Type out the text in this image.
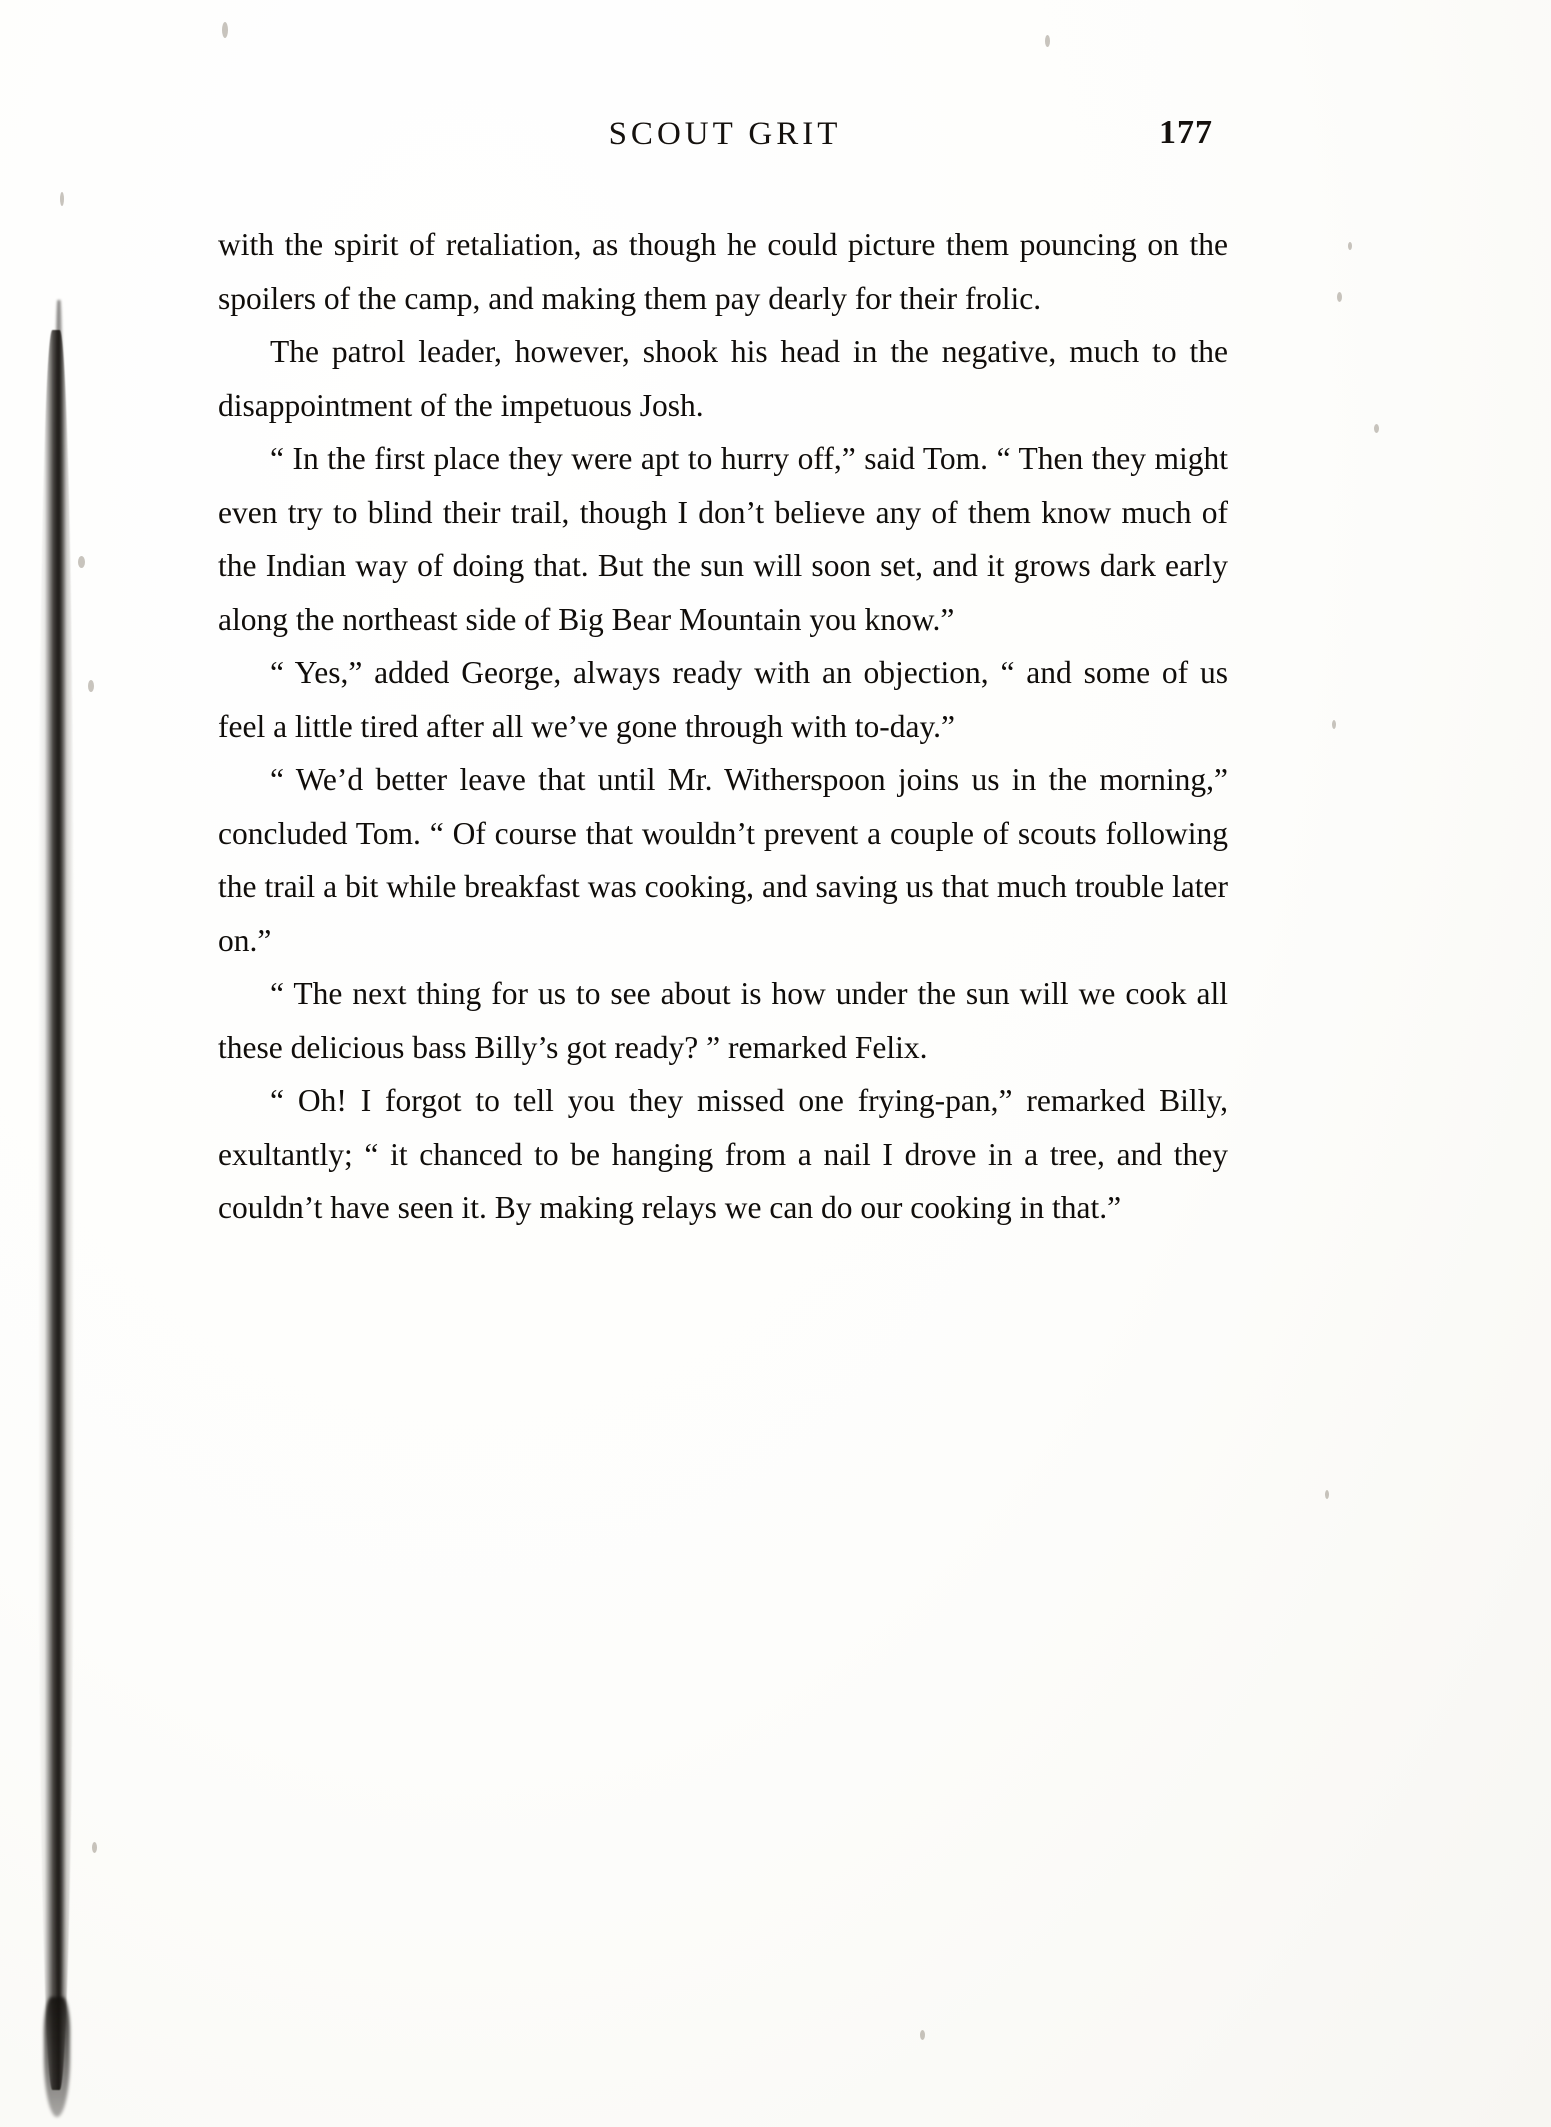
SCOUT GRIT	177

with the spirit of retaliation, as though he could picture them pouncing on the spoilers of the camp, and making them pay dearly for their frolic.

The patrol leader, however, shook his head in the negative, much to the disappointment of the impetuous Josh.

“ In the first place they were apt to hurry off,” said Tom. “ Then they might even try to blind their trail, though I don’t believe any of them know much of the Indian way of doing that. But the sun will soon set, and it grows dark early along the northeast side of Big Bear Mountain you know.”

“ Yes,” added George, always ready with an objection, “ and some of us feel a little tired after all we’ve gone through with to-day.”

“ We’d better leave that until Mr. Witherspoon joins us in the morning,” concluded Tom. “ Of course that wouldn’t prevent a couple of scouts following the trail a bit while breakfast was cooking, and saving us that much trouble later on.”

“ The next thing for us to see about is how under the sun will we cook all these delicious bass Billy’s got ready? ” remarked Felix.

“ Oh! I forgot to tell you they missed one frying-pan,” remarked Billy, exultantly; “ it chanced to be hanging from a nail I drove in a tree, and they couldn’t have seen it. By making relays we can do our cooking in that.”
